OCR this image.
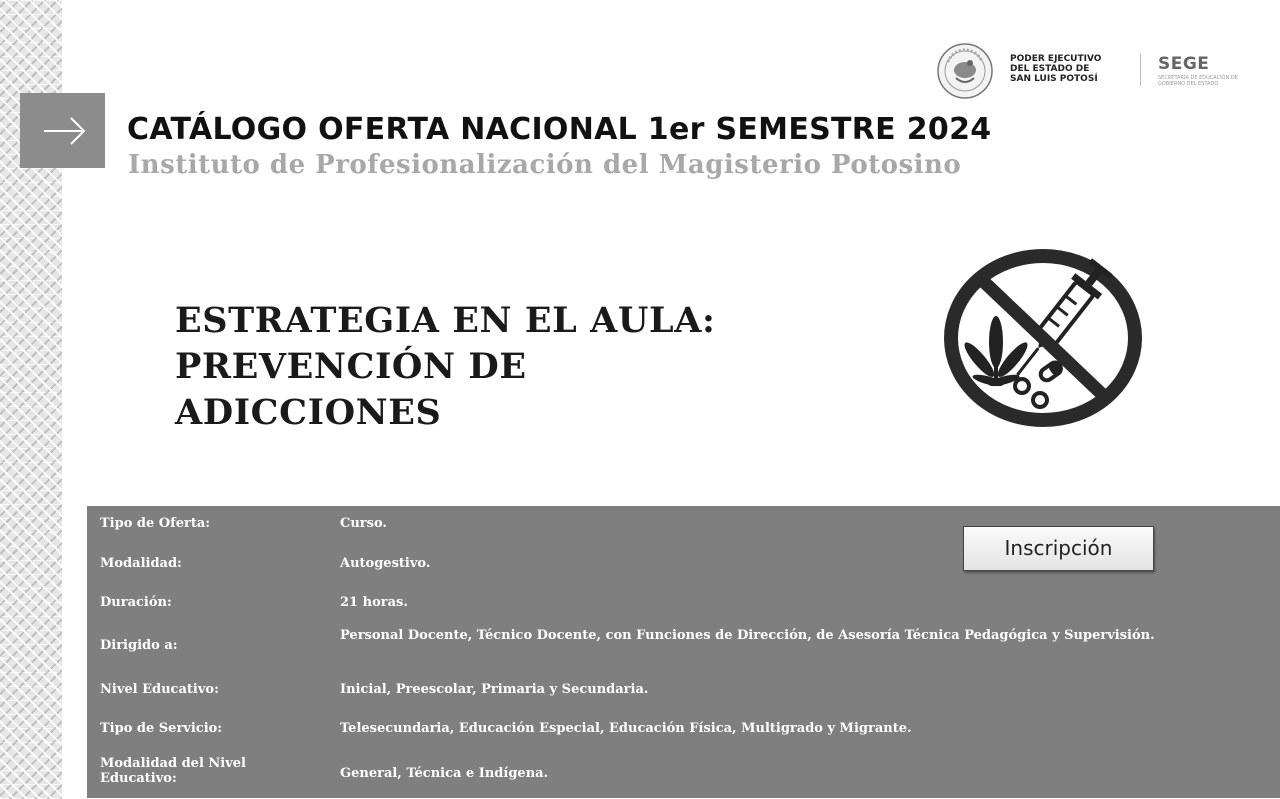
PODER EJECUTIVO
DEL ESTADO DE
SAN LUIS POTOSÍ
SEGE
SECRETARÍA DE EDUCACIÓN DE GOBIERNO DEL ESTADO
CATÁLOGO OFERTA NACIONAL 1er SEMESTRE 2024
Instituto de Profesionalización del Magisterio Potosino
ESTRATEGIA EN EL AULA:
PREVENCIÓN DE
ADICCIONES
Tipo de Oferta:	Curso.
Modalidad:	Autogestivo.
Duración:	21 horas.
Dirigido a:
Personal Docente, Técnico Docente, con Funciones de Dirección, de Asesoría Técnica Pedagógica y Supervisión.
Nivel Educativo:	Inicial, Preescolar, Primaria y Secundaria.
Tipo de Servicio:	Telesecundaria, Educación Especial, Educación Física, Multigrado y Migrante.
Modalidad del Nivel Educativo:	General, Técnica e Indígena.
Inscripción
